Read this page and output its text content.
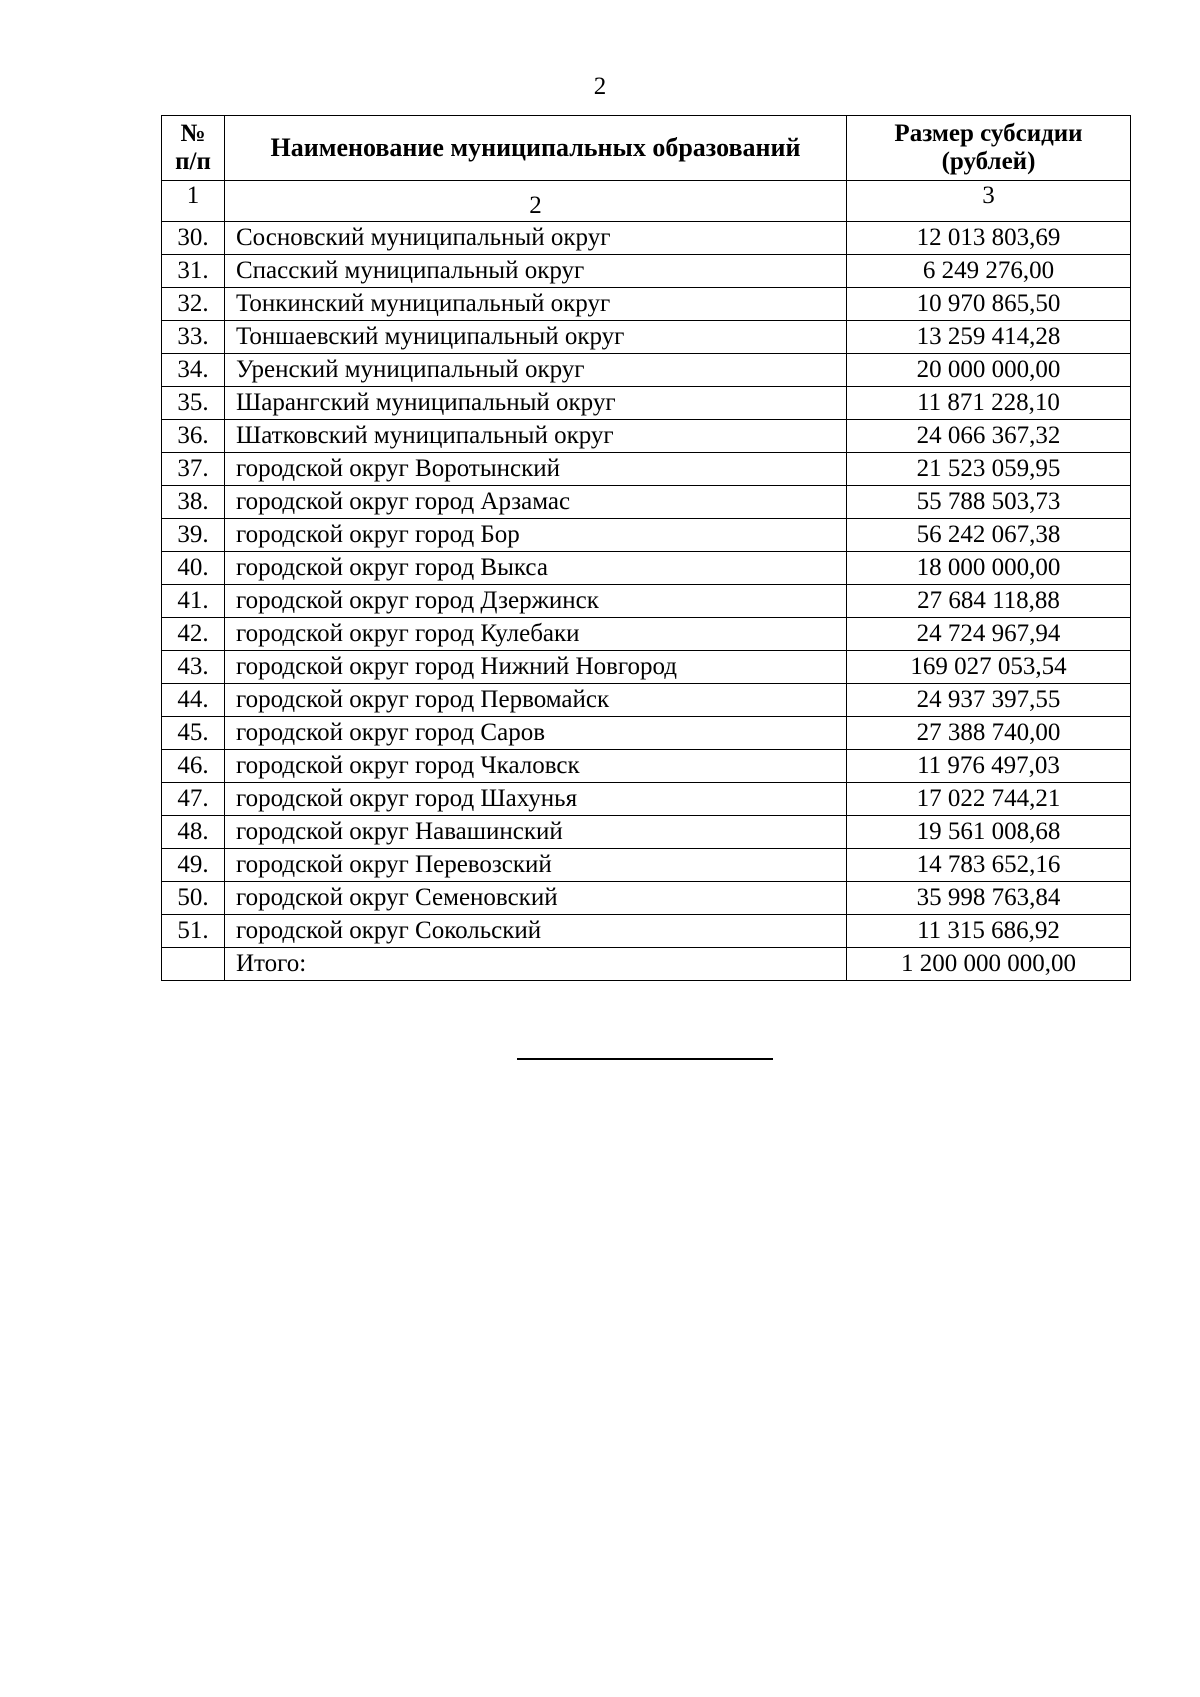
2
№
п/п	Наименование муниципальных образований	Размер субсидии
(рублей)
1	2	3
30.	Сосновский муниципальный округ	12 013 803,69
31.	Спасский муниципальный округ	6 249 276,00
32.	Тонкинский муниципальный округ	10 970 865,50
33.	Тоншаевский муниципальный округ	13 259 414,28
34.	Уренский муниципальный округ	20 000 000,00
35.	Шарангский муниципальный округ	11 871 228,10
36.	Шатковский муниципальный округ	24 066 367,32
37.	городской округ Воротынский	21 523 059,95
38.	городской округ город Арзамас	55 788 503,73
39.	городской округ город Бор	56 242 067,38
40.	городской округ город Выкса	18 000 000,00
41.	городской округ город Дзержинск	27 684 118,88
42.	городской округ город Кулебаки	24 724 967,94
43.	городской округ город Нижний Новгород	169 027 053,54
44.	городской округ город Первомайск	24 937 397,55
45.	городской округ город Саров	27 388 740,00
46.	городской округ город Чкаловск	11 976 497,03
47.	городской округ город Шахунья	17 022 744,21
48.	городской округ Навашинский	19 561 008,68
49.	городской округ Перевозский	14 783 652,16
50.	городской округ Семеновский	35 998 763,84
51.	городской округ Сокольский	11 315 686,92
	Итого:	1 200 000 000,00
